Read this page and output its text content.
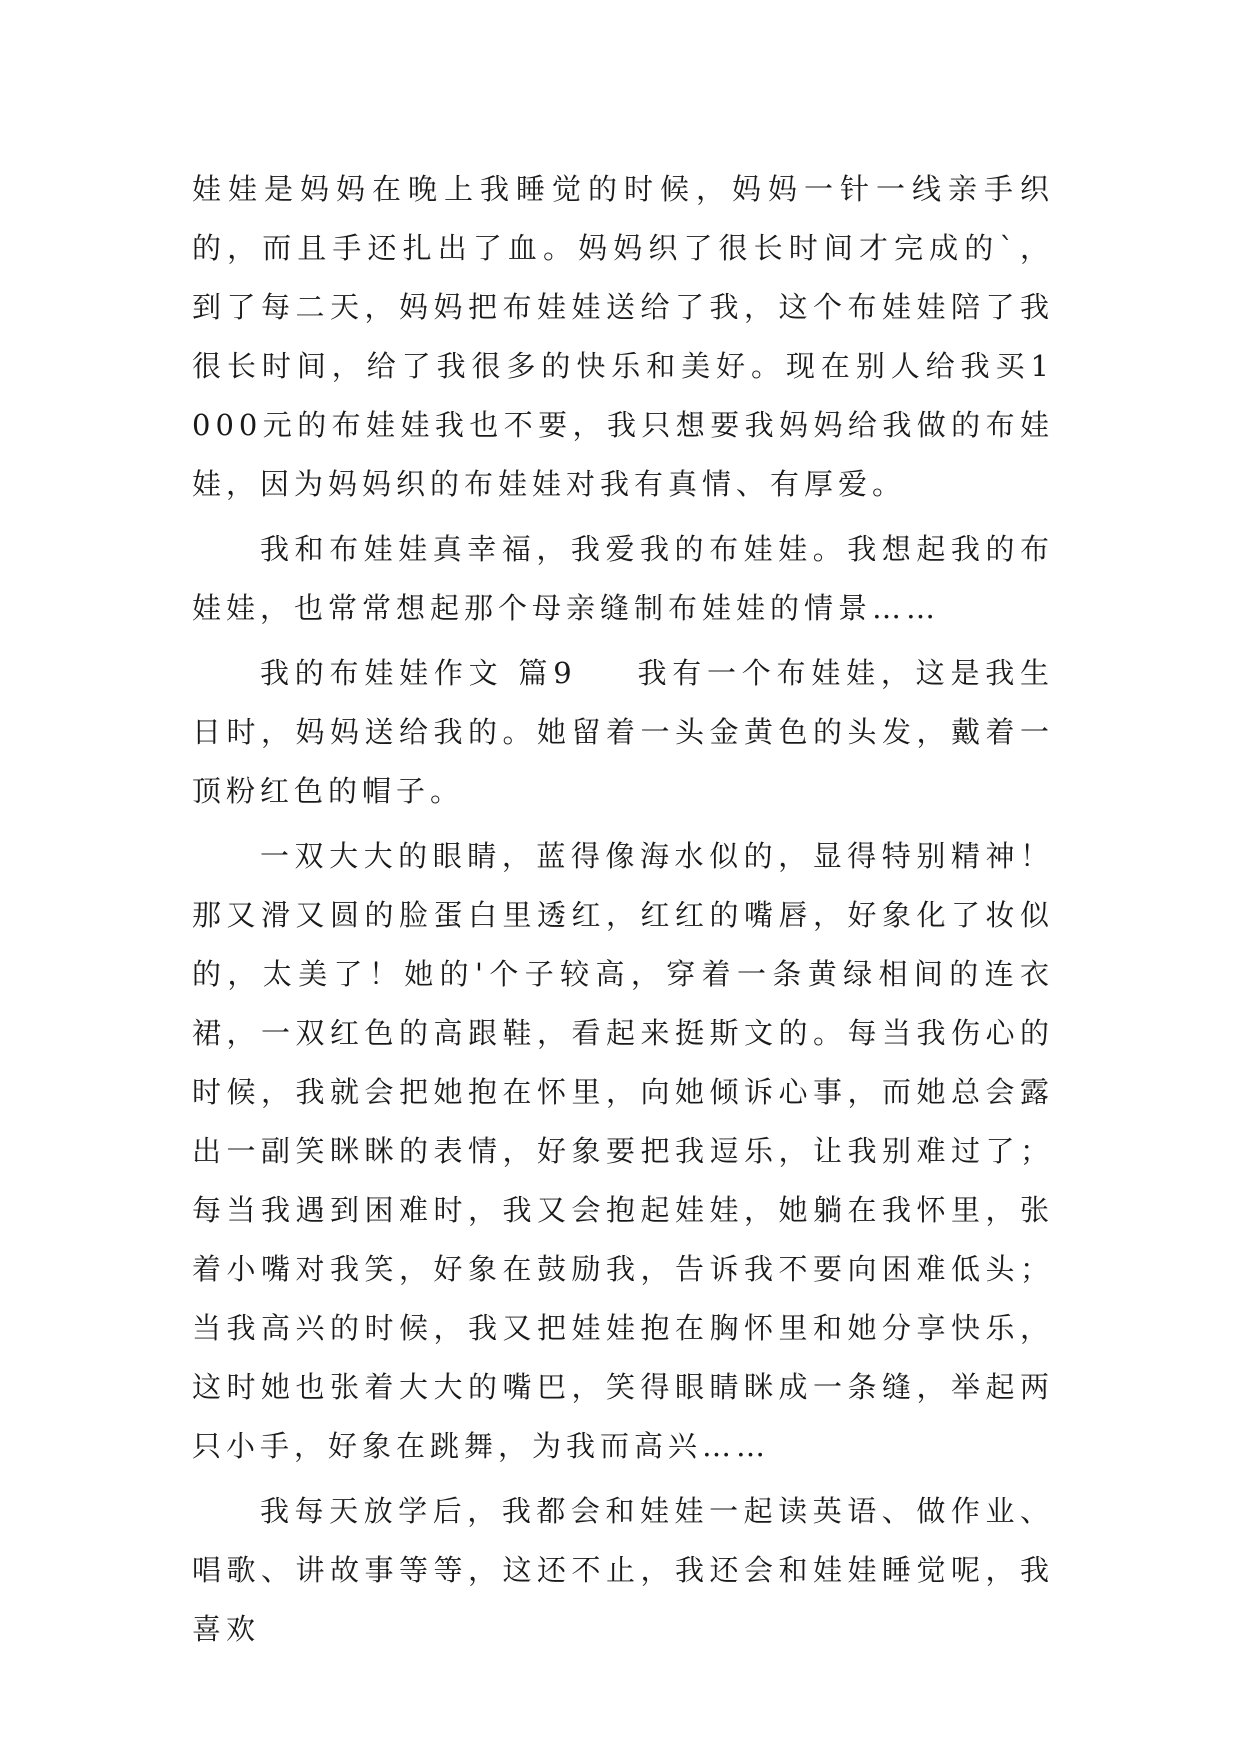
娃娃是妈妈在晚上我睡觉的时候，妈妈一针一线亲手织的，而且手还扎出了血。妈妈织了很长时间才完成的`，到了每二天，妈妈把布娃娃送给了我，这个布娃娃陪了我很长时间，给了我很多的快乐和美好。现在别人给我买1000元的布娃娃我也不要，我只想要我妈妈给我做的布娃娃，因为妈妈织的布娃娃对我有真情、有厚爱。

我和布娃娃真幸福，我爱我的布娃娃。我想起我的布娃娃，也常常想起那个母亲缝制布娃娃的情景……

我的布娃娃作文 篇9 我有一个布娃娃，这是我生日时，妈妈送给我的。她留着一头金黄色的头发，戴着一顶粉红色的帽子。

一双大大的眼睛，蓝得像海水似的，显得特别精神！那又滑又圆的脸蛋白里透红，红红的嘴唇，好象化了妆似的，太美了！她的'个子较高，穿着一条黄绿相间的连衣裙，一双红色的高跟鞋，看起来挺斯文的。每当我伤心的时候，我就会把她抱在怀里，向她倾诉心事，而她总会露出一副笑眯眯的表情，好象要把我逗乐，让我别难过了；每当我遇到困难时，我又会抱起娃娃，她躺在我怀里，张着小嘴对我笑，好象在鼓励我，告诉我不要向困难低头；当我高兴的时候，我又把娃娃抱在胸怀里和她分享快乐，这时她也张着大大的嘴巴，笑得眼睛眯成一条缝，举起两只小手，好象在跳舞，为我而高兴……

我每天放学后，我都会和娃娃一起读英语、做作业、唱歌、讲故事等等，这还不止，我还会和娃娃睡觉呢，我喜欢
